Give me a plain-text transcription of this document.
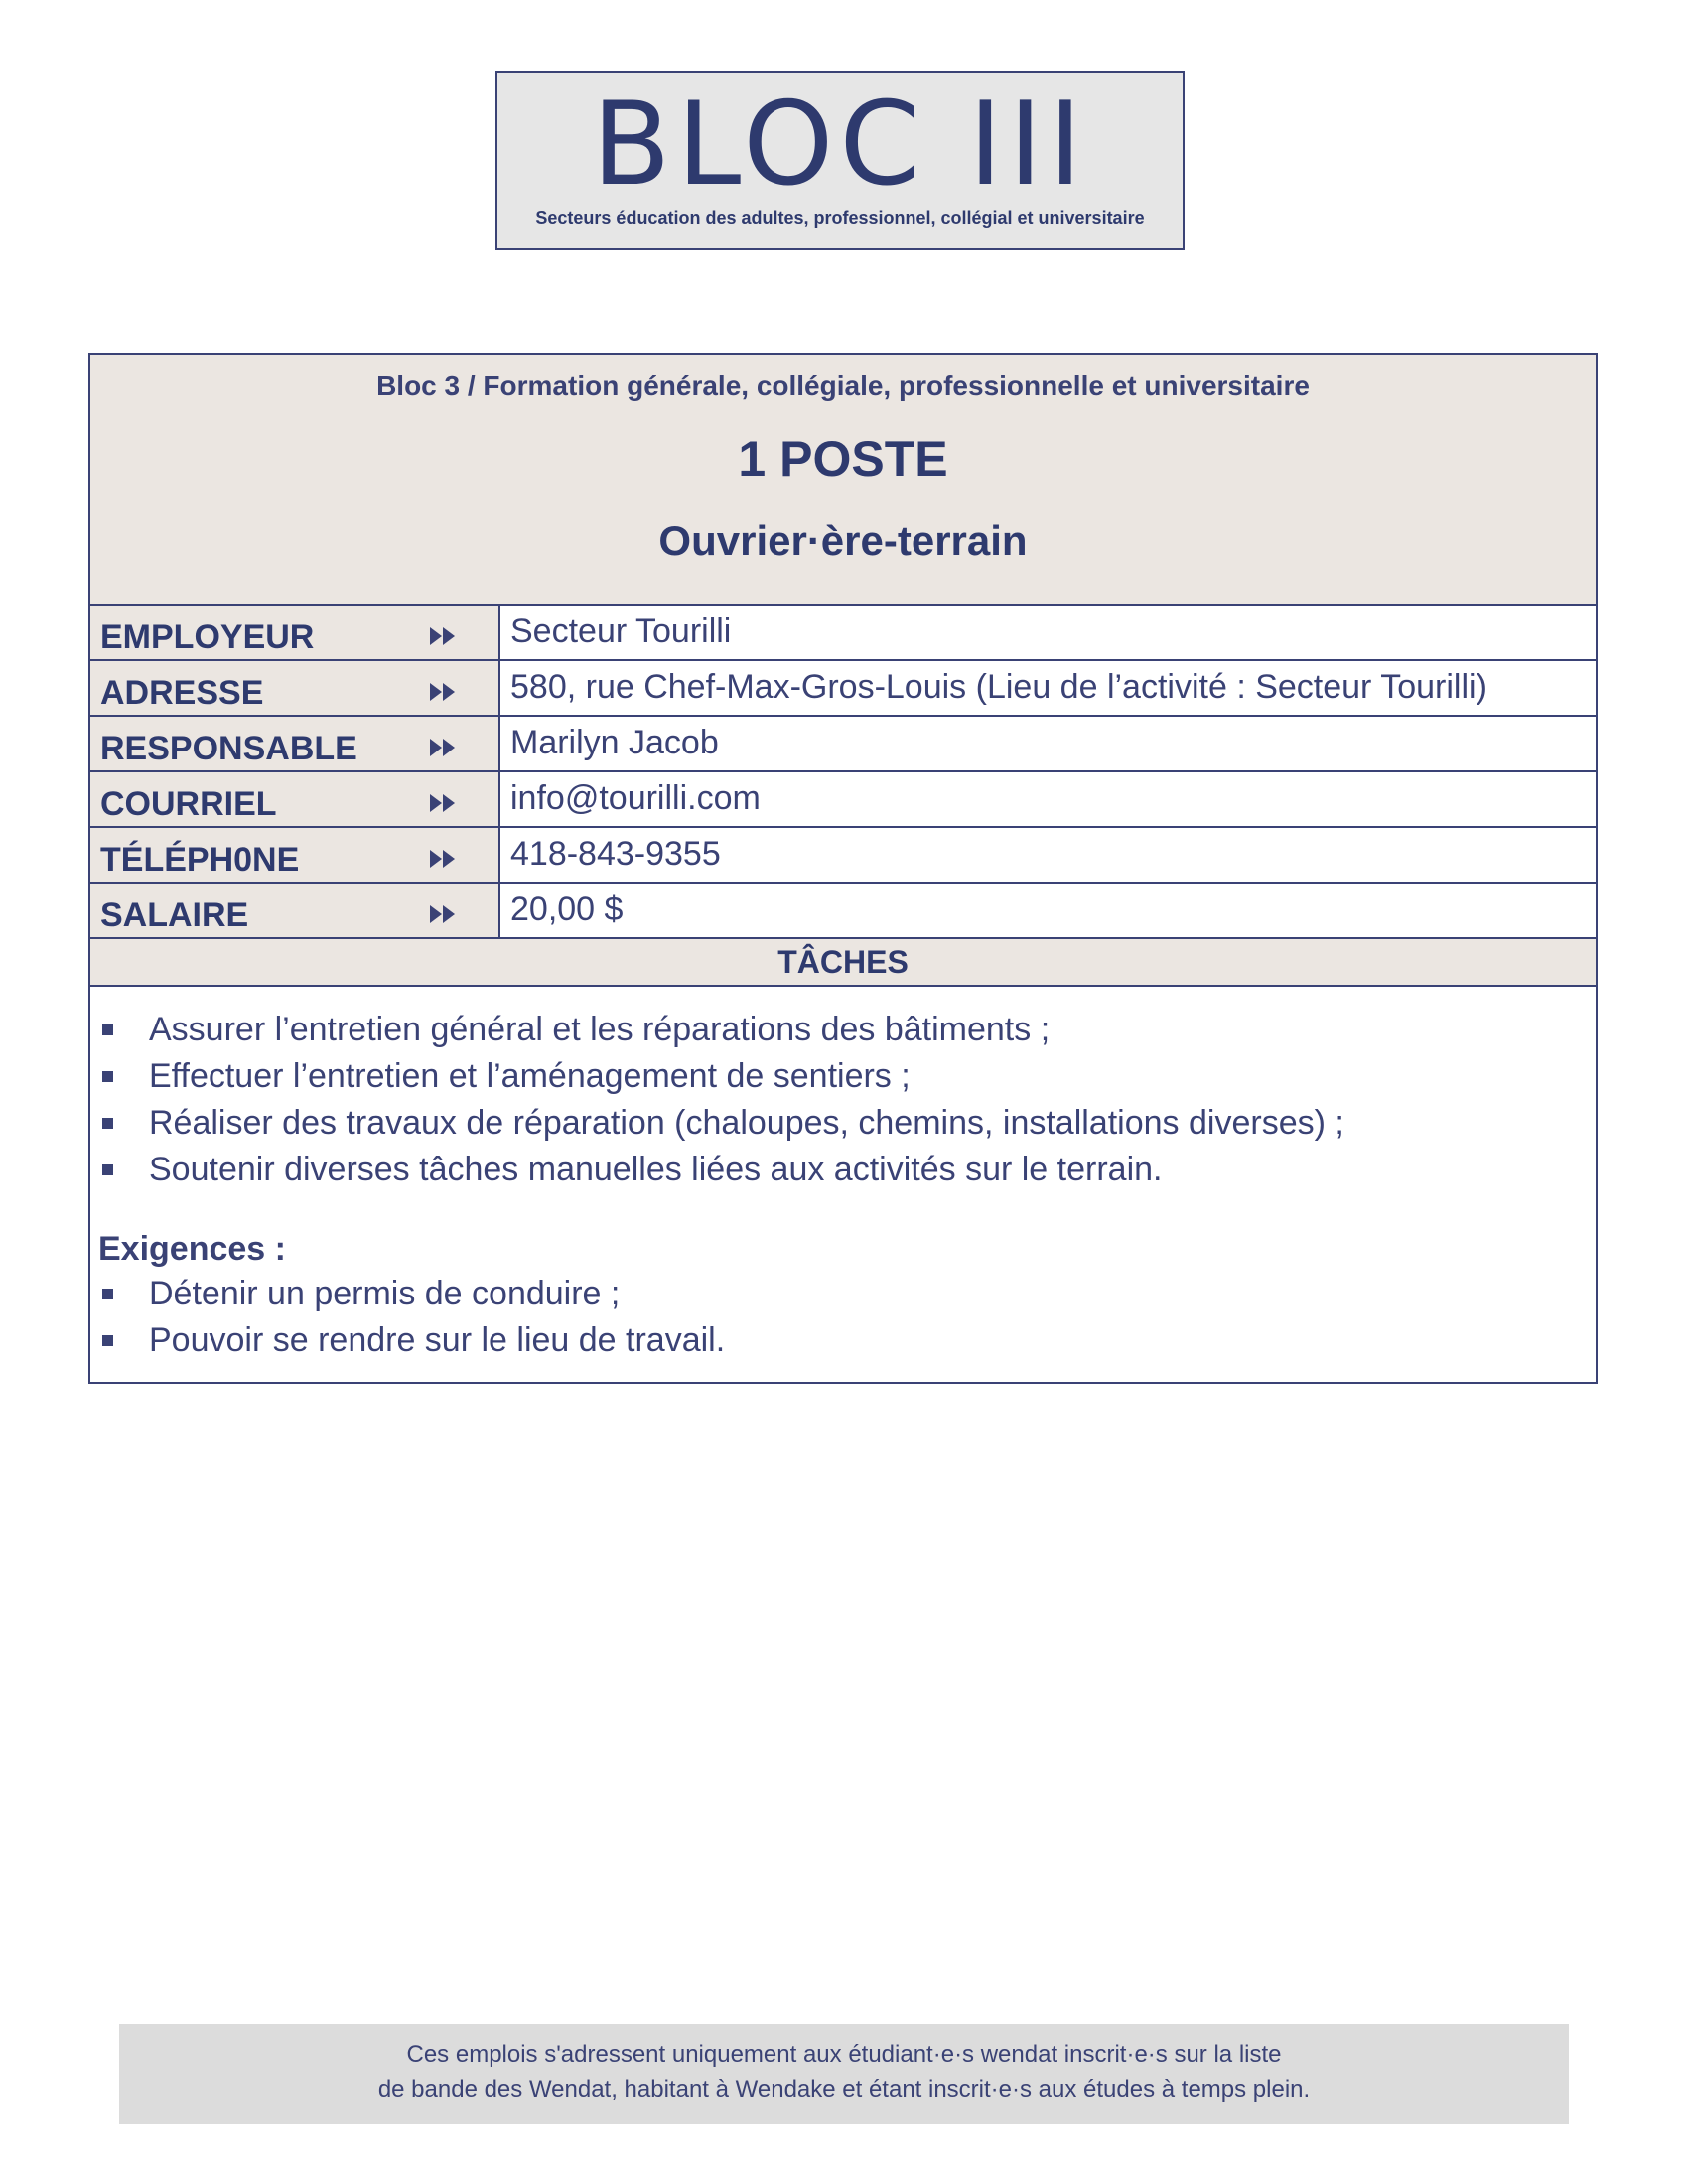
BLOC III
Secteurs éducation des adultes, professionnel, collégial et universitaire
Bloc 3 / Formation générale, collégiale, professionnelle et universitaire
1 POSTE
Ouvrier·ère-terrain
EMPLOYEUR	Secteur Tourilli
ADRESSE	580, rue Chef-Max-Gros-Louis (Lieu de l’activité : Secteur Tourilli)
RESPONSABLE	Marilyn Jacob
COURRIEL	info@tourilli.com
TÉLÉPH0NE	418-843-9355
SALAIRE	20,00 $
TÂCHES
Assurer l’entretien général et les réparations des bâtiments ;
Effectuer l’entretien et l’aménagement de sentiers ;
Réaliser des travaux de réparation (chaloupes, chemins, installations diverses) ;
Soutenir diverses tâches manuelles liées aux activités sur le terrain.
Exigences :
Détenir un permis de conduire ;
Pouvoir se rendre sur le lieu de travail.
Ces emplois s'adressent uniquement aux étudiant·e·s wendat inscrit·e·s sur la liste
de bande des Wendat, habitant à Wendake et étant inscrit·e·s aux études à temps plein.
